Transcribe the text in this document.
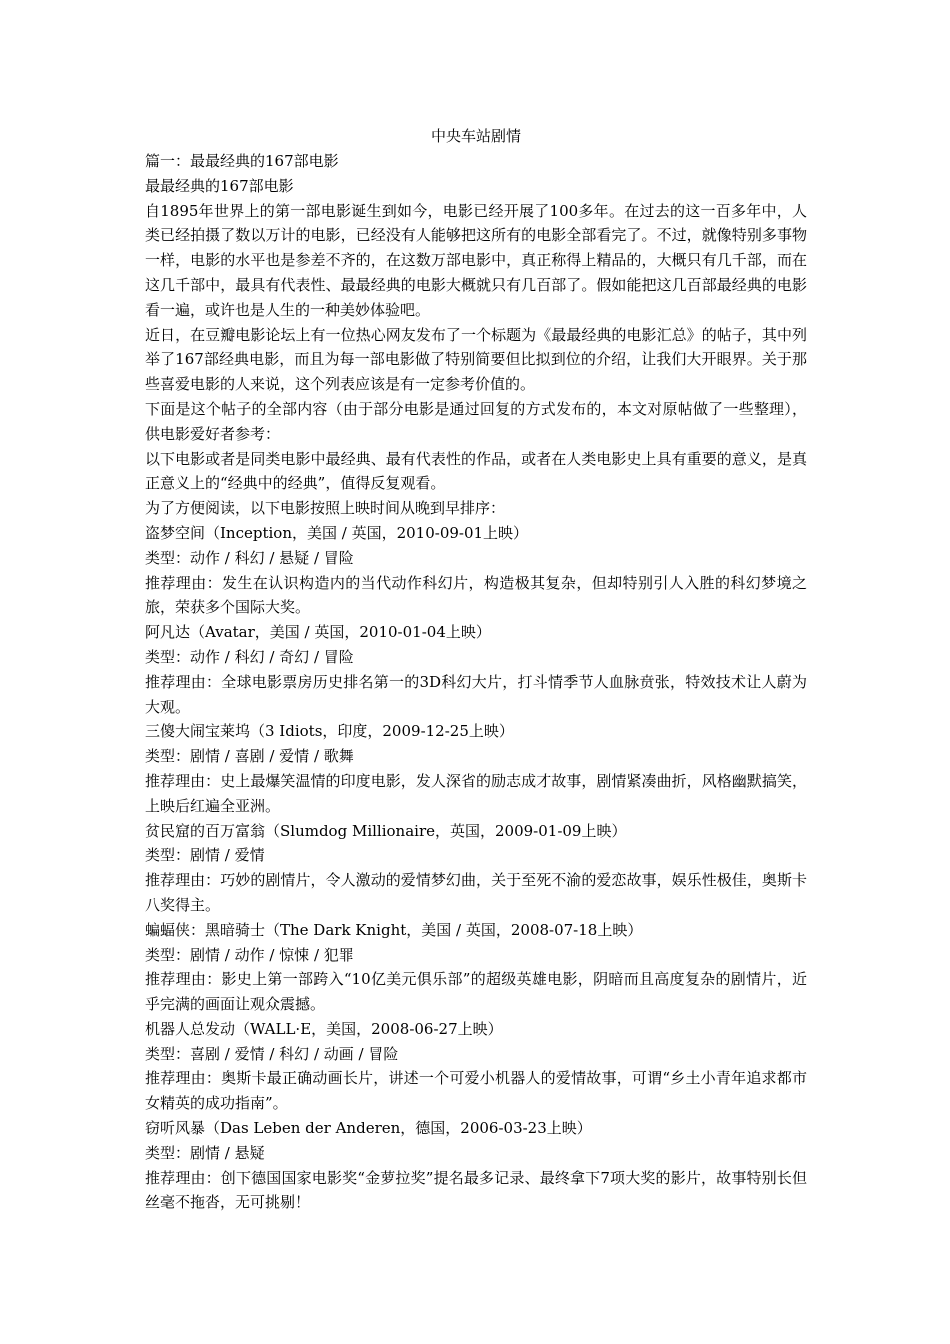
中央车站剧情

篇一：最最经典的167部电影

最最经典的167部电影

自1895年世界上的第一部电影诞生到如今，电影已经开展了100多年。在过去的这一百多年中，人类已经拍摄了数以万计的电影，已经没有人能够把这所有的电影全部看完了。不过，就像特别多事物一样，电影的水平也是参差不齐的，在这数万部电影中，真正称得上精品的，大概只有几千部，而在这几千部中，最具有代表性、最最经典的电影大概就只有几百部了。假如能把这几百部最经典的电影看一遍，或许也是人生的一种美妙体验吧。

近日，在豆瓣电影论坛上有一位热心网友发布了一个标题为《最最经典的电影汇总》的帖子，其中列举了167部经典电影，而且为每一部电影做了特别简要但比拟到位的介绍，让我们大开眼界。关于那些喜爱电影的人来说，这个列表应该是有一定参考价值的。

下面是这个帖子的全部内容（由于部分电影是通过回复的方式发布的，本文对原帖做了一些整理），供电影爱好者参考：

以下电影或者是同类电影中最经典、最有代表性的作品，或者在人类电影史上具有重要的意义，是真正意义上的“经典中的经典”，值得反复观看。

为了方便阅读，以下电影按照上映时间从晚到早排序：

盗梦空间（Inception，美国 / 英国，2010-09-01上映）

类型：动作 / 科幻 / 悬疑 / 冒险

推荐理由：发生在认识构造内的当代动作科幻片，构造极其复杂，但却特别引人入胜的科幻梦境之旅，荣获多个国际大奖。

阿凡达（Avatar，美国 / 英国，2010-01-04上映）

类型：动作 / 科幻 / 奇幻 / 冒险

推荐理由：全球电影票房历史排名第一的3D科幻大片，打斗情季节人血脉贲张，特效技术让人蔚为大观。

三傻大闹宝莱坞（3 Idiots，印度，2009-12-25上映）

类型：剧情 / 喜剧 / 爱情 / 歌舞

推荐理由：史上最爆笑温情的印度电影，发人深省的励志成才故事，剧情紧凑曲折，风格幽默搞笑，上映后红遍全亚洲。

贫民窟的百万富翁（Slumdog Millionaire，英国，2009-01-09上映）

类型：剧情 / 爱情

推荐理由：巧妙的剧情片，令人激动的爱情梦幻曲，关于至死不渝的爱恋故事，娱乐性极佳，奥斯卡八奖得主。

蝙蝠侠：黑暗骑士（The Dark Knight，美国 / 英国，2008-07-18上映）

类型：剧情 / 动作 / 惊悚 / 犯罪

推荐理由：影史上第一部跨入“10亿美元俱乐部”的超级英雄电影，阴暗而且高度复杂的剧情片，近乎完满的画面让观众震撼。

机器人总发动（WALL·E，美国，2008-06-27上映）

类型：喜剧 / 爱情 / 科幻 / 动画 / 冒险

推荐理由：奥斯卡最正确动画长片，讲述一个可爱小机器人的爱情故事，可谓“乡土小青年追求都市女精英的成功指南”。

窃听风暴（Das Leben der Anderen，德国，2006-03-23上映）

类型：剧情 / 悬疑

推荐理由：创下德国国家电影奖“金萝拉奖”提名最多记录、最终拿下7项大奖的影片，故事特别长但丝毫不拖沓，无可挑剔！
